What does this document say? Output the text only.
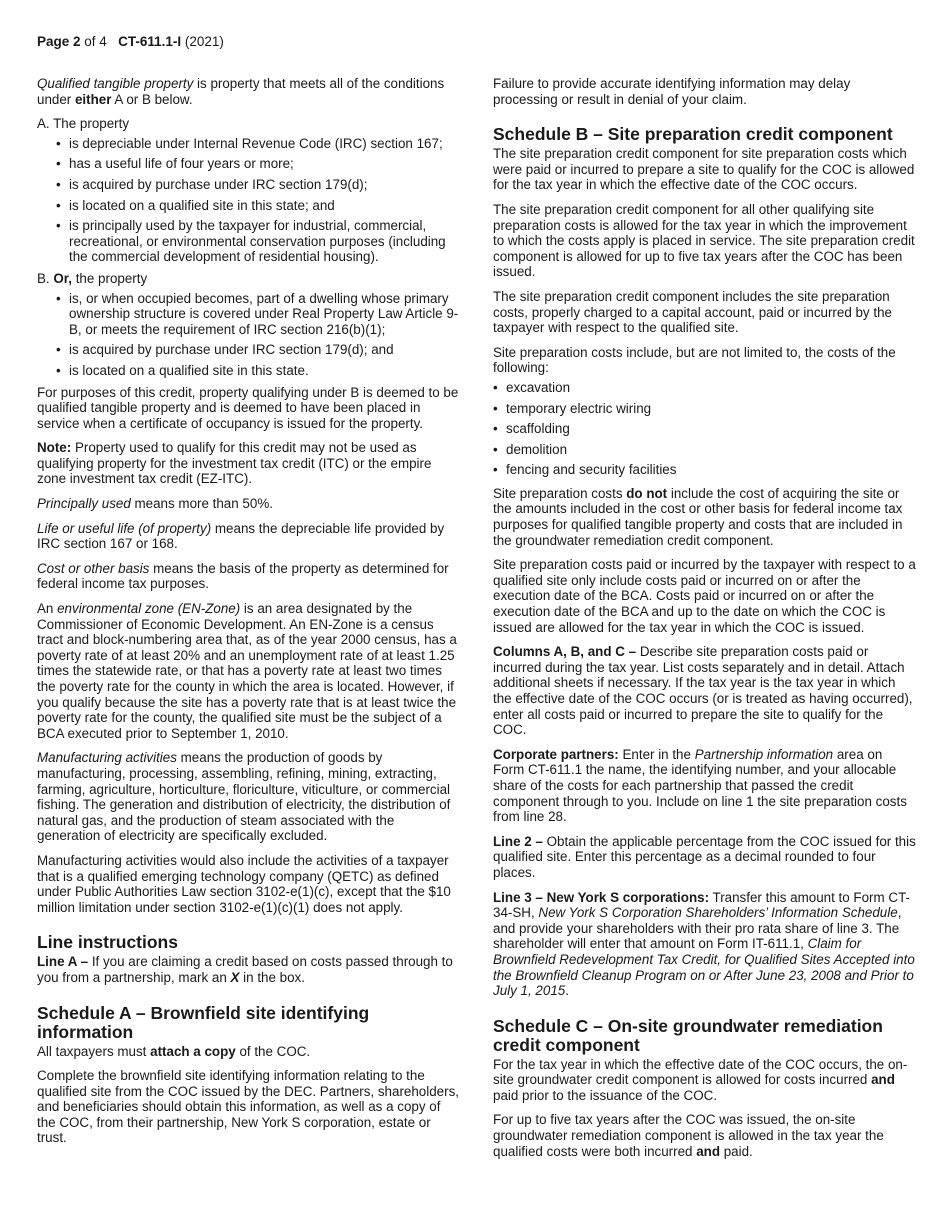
Page 2 of 4 CT-611.1-I (2021)

Qualified tangible property is property that meets all of the conditions under either A or B below.

A. The property
• is depreciable under Internal Revenue Code (IRC) section 167;
• has a useful life of four years or more;
• is acquired by purchase under IRC section 179(d);
• is located on a qualified site in this state; and
• is principally used by the taxpayer for industrial, commercial, recreational, or environmental conservation purposes (including the commercial development of residential housing).
B. Or, the property
• is, or when occupied becomes, part of a dwelling whose primary ownership structure is covered under Real Property Law Article 9-B, or meets the requirement of IRC section 216(b)(1);
• is acquired by purchase under IRC section 179(d); and
• is located on a qualified site in this state.

For purposes of this credit, property qualifying under B is deemed to be qualified tangible property and is deemed to have been placed in service when a certificate of occupancy is issued for the property.

Note: Property used to qualify for this credit may not be used as qualifying property for the investment tax credit (ITC) or the empire zone investment tax credit (EZ-ITC).

Principally used means more than 50%.

Life or useful life (of property) means the depreciable life provided by IRC section 167 or 168.

Cost or other basis means the basis of the property as determined for federal income tax purposes.

An environmental zone (EN-Zone) is an area designated by the Commissioner of Economic Development. An EN-Zone is a census tract and block-numbering area that, as of the year 2000 census, has a poverty rate of at least 20% and an unemployment rate of at least 1.25 times the statewide rate, or that has a poverty rate at least two times the poverty rate for the county in which the area is located. However, if you qualify because the site has a poverty rate that is at least twice the poverty rate for the county, the qualified site must be the subject of a BCA executed prior to September 1, 2010.

Manufacturing activities means the production of goods by manufacturing, processing, assembling, refining, mining, extracting, farming, agriculture, horticulture, floriculture, viticulture, or commercial fishing. The generation and distribution of electricity, the distribution of natural gas, and the production of steam associated with the generation of electricity are specifically excluded.

Manufacturing activities would also include the activities of a taxpayer that is a qualified emerging technology company (QETC) as defined under Public Authorities Law section 3102-e(1)(c), except that the $10 million limitation under section 3102-e(1)(c)(1) does not apply.

Line instructions

Line A – If you are claiming a credit based on costs passed through to you from a partnership, mark an X in the box.

Schedule A – Brownfield site identifying information

All taxpayers must attach a copy of the COC.

Complete the brownfield site identifying information relating to the qualified site from the COC issued by the DEC. Partners, shareholders, and beneficiaries should obtain this information, as well as a copy of the COC, from their partnership, New York S corporation, estate or trust.

Failure to provide accurate identifying information may delay processing or result in denial of your claim.

Schedule B – Site preparation credit component

The site preparation credit component for site preparation costs which were paid or incurred to prepare a site to qualify for the COC is allowed for the tax year in which the effective date of the COC occurs.

The site preparation credit component for all other qualifying site preparation costs is allowed for the tax year in which the improvement to which the costs apply is placed in service. The site preparation credit component is allowed for up to five tax years after the COC has been issued.

The site preparation credit component includes the site preparation costs, properly charged to a capital account, paid or incurred by the taxpayer with respect to the qualified site.

Site preparation costs include, but are not limited to, the costs of the following:

• excavation
• temporary electric wiring
• scaffolding
• demolition
• fencing and security facilities

Site preparation costs do not include the cost of acquiring the site or the amounts included in the cost or other basis for federal income tax purposes for qualified tangible property and costs that are included in the groundwater remediation credit component.

Site preparation costs paid or incurred by the taxpayer with respect to a qualified site only include costs paid or incurred on or after the execution date of the BCA. Costs paid or incurred on or after the execution date of the BCA and up to the date on which the COC is issued are allowed for the tax year in which the COC is issued.

Columns A, B, and C – Describe site preparation costs paid or incurred during the tax year. List costs separately and in detail. Attach additional sheets if necessary. If the tax year is the tax year in which the effective date of the COC occurs (or is treated as having occurred), enter all costs paid or incurred to prepare the site to qualify for the COC.

Corporate partners: Enter in the Partnership information area on Form CT-611.1 the name, the identifying number, and your allocable share of the costs for each partnership that passed the credit component through to you. Include on line 1 the site preparation costs from line 28.

Line 2 – Obtain the applicable percentage from the COC issued for this qualified site. Enter this percentage as a decimal rounded to four places.

Line 3 – New York S corporations: Transfer this amount to Form CT-34-SH, New York S Corporation Shareholders’ Information Schedule, and provide your shareholders with their pro rata share of line 3. The shareholder will enter that amount on Form IT-611.1, Claim for Brownfield Redevelopment Tax Credit, for Qualified Sites Accepted into the Brownfield Cleanup Program on or After June 23, 2008 and Prior to July 1, 2015.

Schedule C – On-site groundwater remediation credit component

For the tax year in which the effective date of the COC occurs, the on-site groundwater credit component is allowed for costs incurred and paid prior to the issuance of the COC.

For up to five tax years after the COC was issued, the on-site groundwater remediation component is allowed in the tax year the qualified costs were both incurred and paid.
